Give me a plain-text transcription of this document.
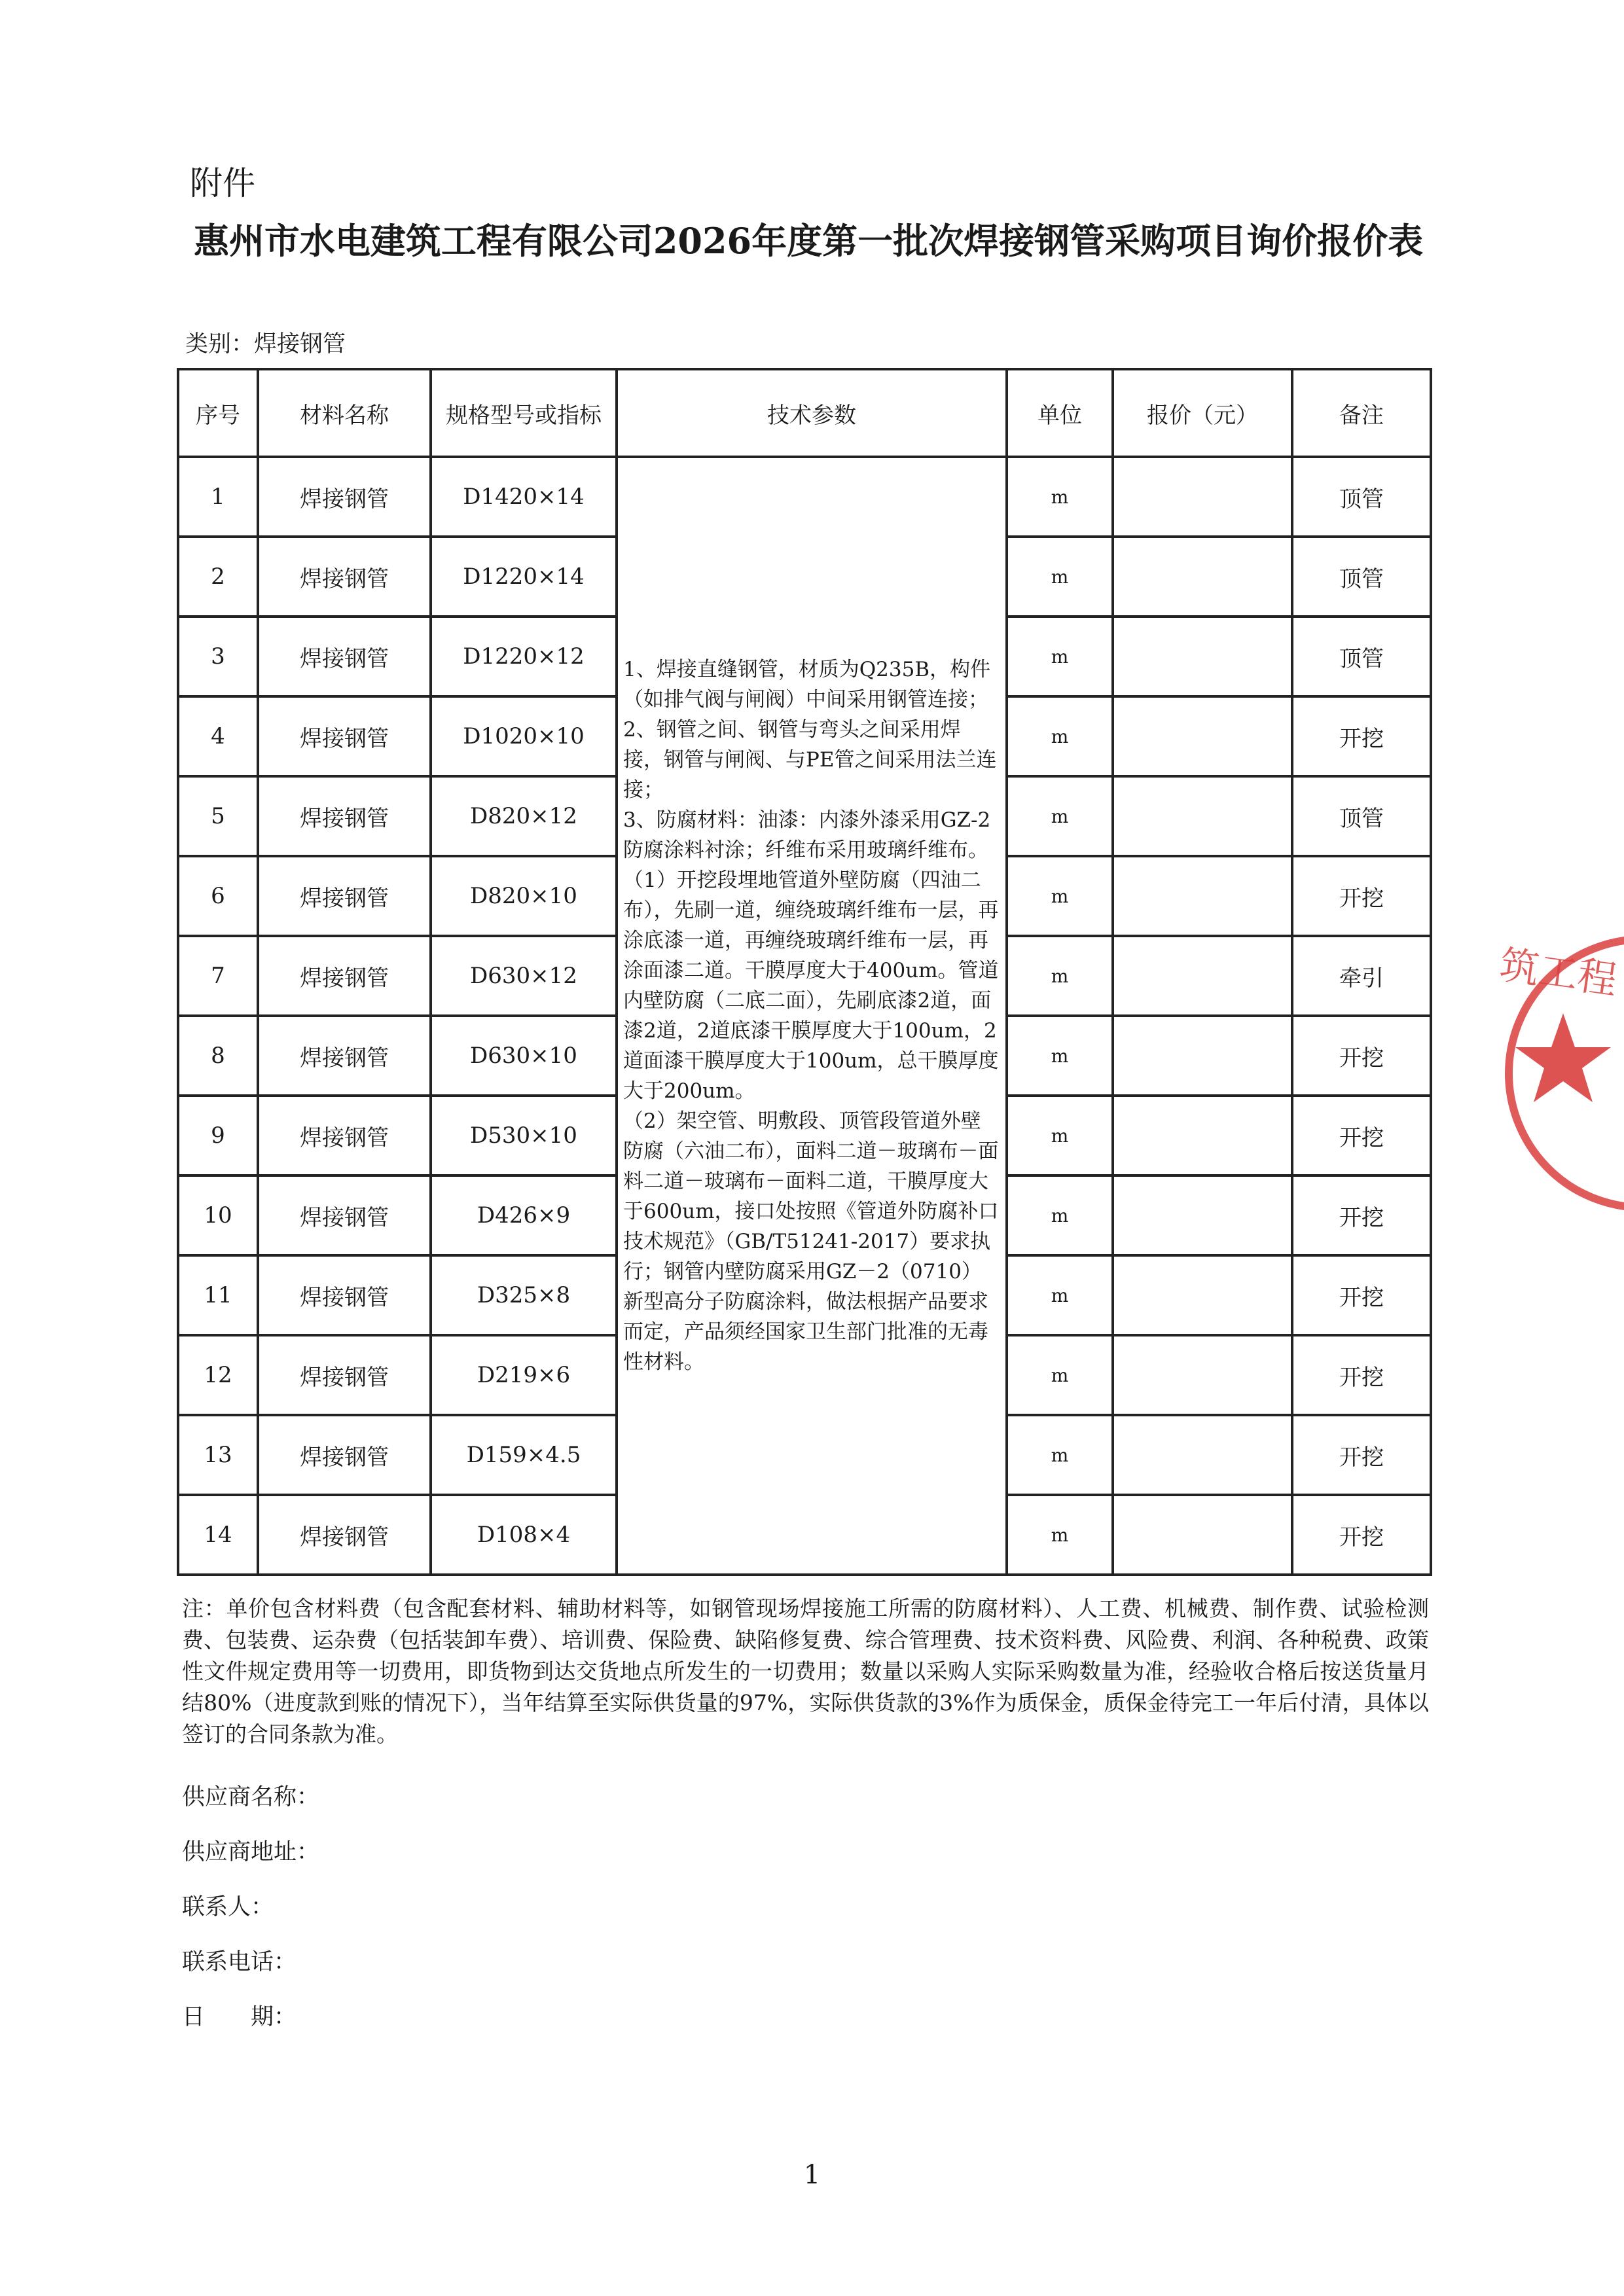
附件
惠州市水电建筑工程有限公司2026年度第一批次焊接钢管采购项目询价报价表
类别：焊接钢管
序号	材料名称	规格型号或指标	技术参数	单位	报价（元）	备注
1	焊接钢管	D1420×14	1、焊接直缝钢管，材质为Q235B，构件（如排气阀与闸阀）中间采用钢管连接；
2、钢管之间、钢管与弯头之间采用焊接，钢管与闸阀、与PE管之间采用法兰连接；
3、防腐材料：油漆：内漆外漆采用GZ-2防腐涂料衬涂；纤维布采用玻璃纤维布。
（1）开挖段埋地管道外壁防腐（四油二布），先刷一道，缠绕玻璃纤维布一层，再涂底漆一道，再缠绕玻璃纤维布一层，再涂面漆二道。干膜厚度大于400um。管道内壁防腐（二底二面），先刷底漆2道，面漆2道，2道底漆干膜厚度大于100um，2道面漆干膜厚度大于100um，总干膜厚度大于200um。
（2）架空管、明敷段、顶管段管道外壁防腐（六油二布），面料二道－玻璃布－面料二道－玻璃布－面料二道，干膜厚度大于600um，接口处按照《管道外防腐补口技术规范》（GB/T51241-2017）要求执行；钢管内壁防腐采用GZ－2（0710）新型高分子防腐涂料，做法根据产品要求而定，产品须经国家卫生部门批准的无毒性材料。	m		顶管
2	焊接钢管	D1220×14		m		顶管
3	焊接钢管	D1220×12		m		顶管
4	焊接钢管	D1020×10		m		开挖
5	焊接钢管	D820×12		m		顶管
6	焊接钢管	D820×10		m		开挖
7	焊接钢管	D630×12		m		牵引
8	焊接钢管	D630×10		m		开挖
9	焊接钢管	D530×10		m		开挖
10	焊接钢管	D426×9		m		开挖
11	焊接钢管	D325×8		m		开挖
12	焊接钢管	D219×6		m		开挖
13	焊接钢管	D159×4.5		m		开挖
14	焊接钢管	D108×4		m		开挖
注：单价包含材料费（包含配套材料、辅助材料等，如钢管现场焊接施工所需的防腐材料）、人工费、机械费、制作费、试验检测费、包装费、运杂费（包括装卸车费）、培训费、保险费、缺陷修复费、综合管理费、技术资料费、风险费、利润、各种税费、政策性文件规定费用等一切费用，即货物到达交货地点所发生的一切费用；数量以采购人实际采购数量为准，经验收合格后按送货量月结80%（进度款到账的情况下），当年结算至实际供货量的97%，实际供货款的3%作为质保金，质保金待完工一年后付清，具体以签订的合同条款为准。
供应商名称：
供应商地址：
联系人：
联系电话：
日　　期：
1
筑工程
